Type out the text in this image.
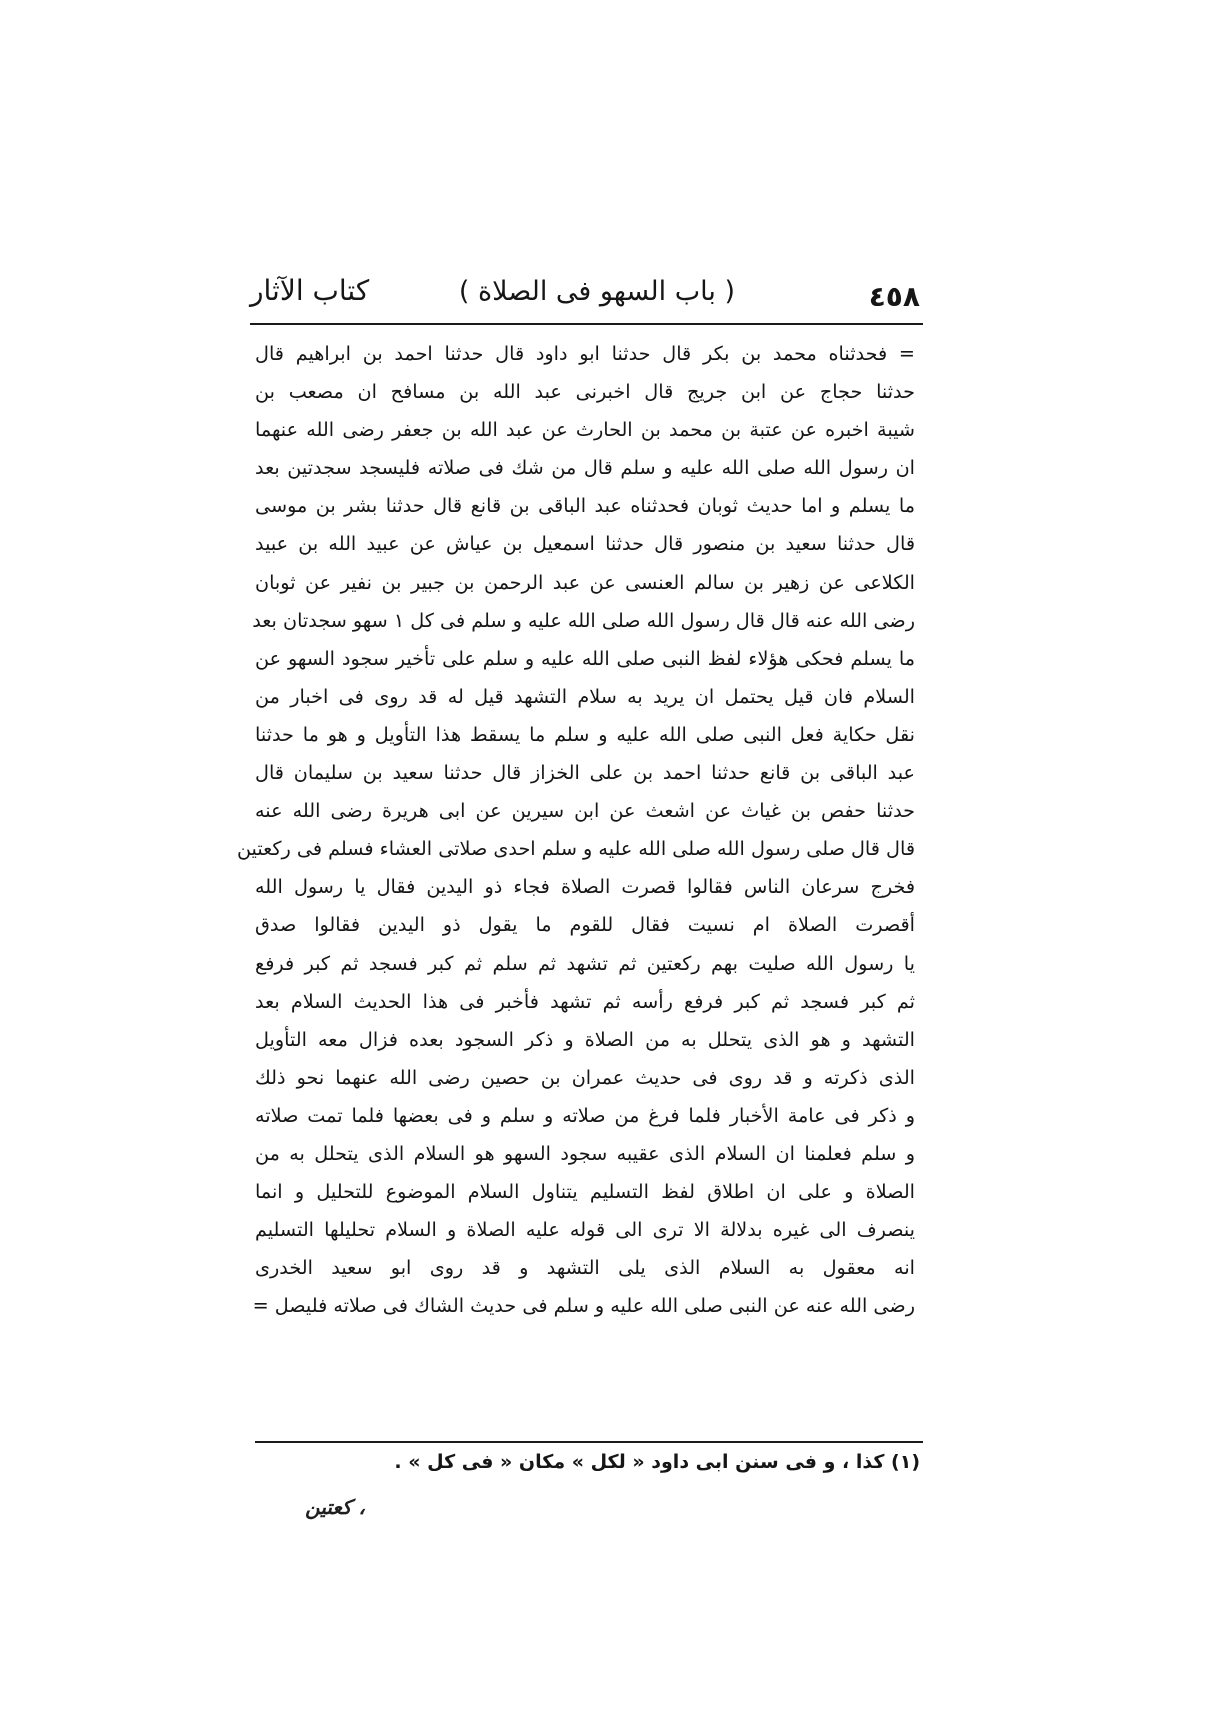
٤٥٨
( باب السهو فى الصلاة )
كتاب الآثار
= فحدثناه محمد بن بكر قال حدثنا ابو داود قال حدثنا احمد بن ابراهيم قال
حدثنا حجاج عن ابن جريج قال اخبرنى عبد الله بن مسافح ان مصعب بن
شيبة اخبره عن عتبة بن محمد بن الحارث عن عبد الله بن جعفر رضى الله عنهما
ان رسول الله صلى الله عليه و سلم قال من شك فى صلاته فليسجد سجدتين بعد
ما يسلم و اما حديث ثوبان فحدثناه عبد الباقى بن قانع قال حدثنا بشر بن موسى
قال حدثنا سعيد بن منصور قال حدثنا اسمعيل بن عياش عن عبيد الله بن عبيد
الكلاعى عن زهير بن سالم العنسى عن عبد الرحمن بن جبير بن نفير عن ثوبان
رضى الله عنه قال قال رسول الله صلى الله عليه و سلم فى كل ١ سهو سجدتان بعد
ما يسلم فحكى هؤلاء لفظ النبى صلى الله عليه و سلم على تأخير سجود السهو عن
السلام فان قيل يحتمل ان يريد به سلام التشهد قيل له قد روى فى اخبار من
نقل حكاية فعل النبى صلى الله عليه و سلم ما يسقط هذا التأويل و هو ما حدثنا
عبد الباقى بن قانع حدثنا احمد بن على الخزاز قال حدثنا سعيد بن سليمان قال
حدثنا حفص بن غياث عن اشعث عن ابن سيرين عن ابى هريرة رضى الله عنه
قال قال صلى رسول الله صلى الله عليه و سلم احدى صلاتى العشاء فسلم فى ركعتين
فخرج سرعان الناس فقالوا قصرت الصلاة فجاء ذو اليدين فقال يا رسول الله
أقصرت الصلاة ام نسيت فقال للقوم ما يقول ذو اليدين فقالوا صدق
يا رسول الله صليت بهم ركعتين ثم تشهد ثم سلم ثم كبر فسجد ثم كبر فرفع
ثم كبر فسجد ثم كبر فرفع رأسه ثم تشهد فأخبر فى هذا الحديث السلام بعد
التشهد و هو الذى يتحلل به من الصلاة و ذكر السجود بعده فزال معه التأويل
الذى ذكرته و قد روى فى حديث عمران بن حصين رضى الله عنهما نحو ذلك
و ذكر فى عامة الأخبار فلما فرغ من صلاته و سلم و فى بعضها فلما تمت صلاته
و سلم فعلمنا ان السلام الذى عقيبه سجود السهو هو السلام الذى يتحلل به من
الصلاة و على ان اطلاق لفظ التسليم يتناول السلام الموضوع للتحليل و انما
ينصرف الى غيره بدلالة الا ترى الى قوله عليه الصلاة و السلام تحليلها التسليم
انه معقول به السلام الذى يلى التشهد و قد روى ابو سعيد الخدرى
رضى الله عنه عن النبى صلى الله عليه و سلم فى حديث الشاك فى صلاته فليصل =
(١) كذا ، و فى سنن ابى داود « لكل » مكان « فى كل » .
، كعتين
